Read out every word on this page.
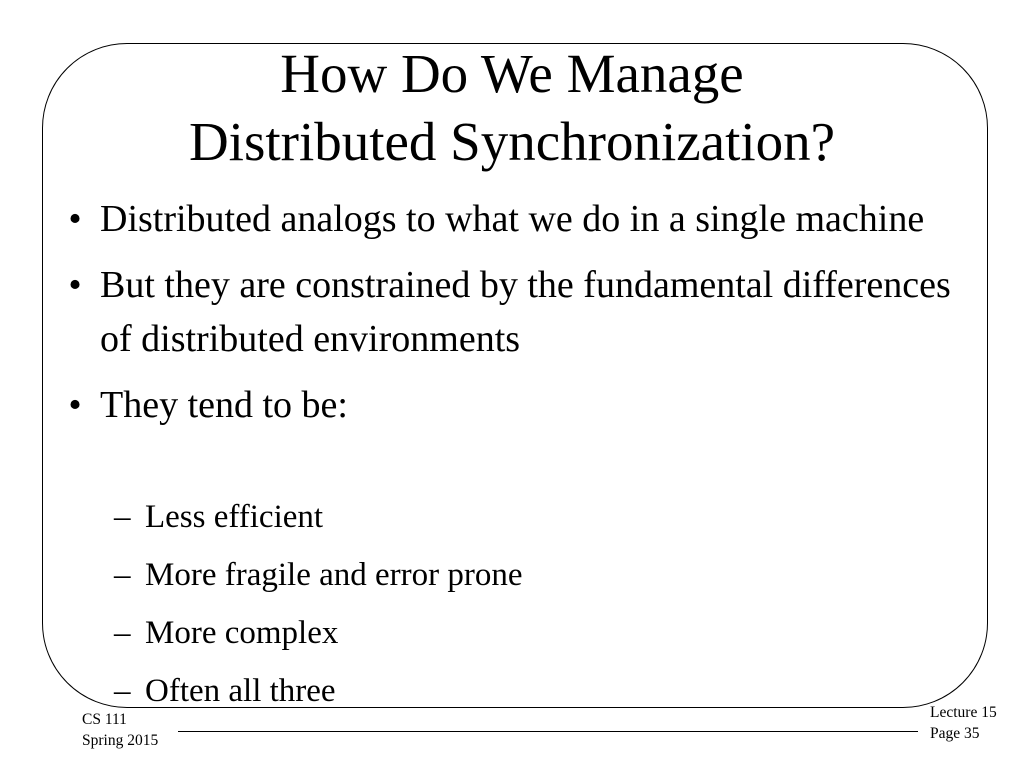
How Do We Manage
Distributed Synchronization?
• Distributed analogs to what we do in a single machine
• But they are constrained by the fundamental differences of distributed environments
• They tend to be:
– Less efficient
– More fragile and error prone
– More complex
– Often all three
CS 111
Spring 2015
Lecture 15
Page 35
